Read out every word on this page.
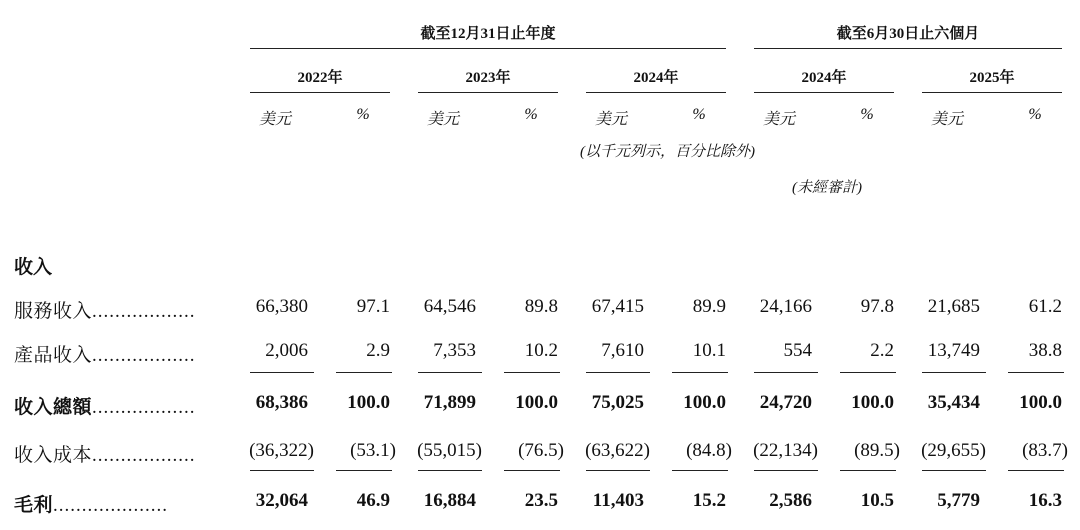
截至12月31日止年度	截至6月30日止六個月
2022年	2023年	2024年	2024年	2025年
美元	%	美元	%	美元	%	美元	%	美元	%
(以千元列示，百分比除外)
(未經審計)
收入
服務收入..................	66,380	97.1 64,546	89.8 67,415	89.9 24,166	97.8 21,685	61.2
產品收入..................	2,006	2.9 7,353	10.2 7,610	10.1	554	2.2 13,749	38.8
收入總額..................	68,386 100.0 71,899 100.0 75,025 100.0 24,720 100.0 35,434 100.0
收入成本..................	(36,322) (53.1) (55,015) (76.5) (63,622) (84.8) (22,134) (89.5) (29,655) (83.7)
毛利....................	32,064	46.9 16,884	23.5 11,403	15.2 2,586	10.5 5,779	16.3
